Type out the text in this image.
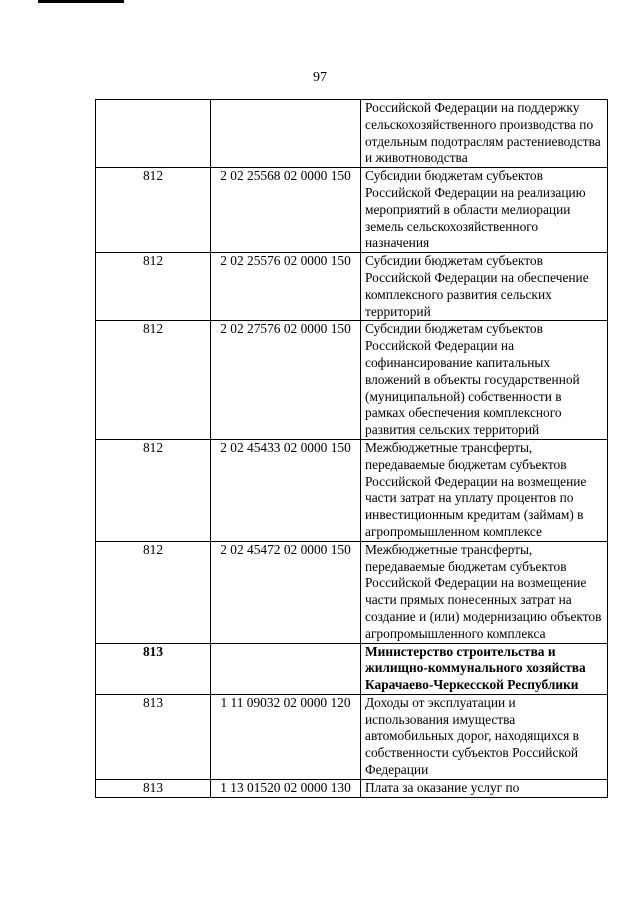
97
		Российской Федерации на поддержку сельскохозяйственного производства по отдельным подотраслям растениеводства и животноводства
812	2 02 25568 02 0000 150	Субсидии бюджетам субъектов Российской Федерации на реализацию мероприятий в области мелиорации земель сельскохозяйственного назначения
812	2 02 25576 02 0000 150	Субсидии бюджетам субъектов Российской Федерации на обеспечение комплексного развития сельских территорий
812	2 02 27576 02 0000 150	Субсидии бюджетам субъектов Российской Федерации на софинансирование капитальных вложений в объекты государственной (муниципальной) собственности в рамках обеспечения комплексного развития сельских территорий
812	2 02 45433 02 0000 150	Межбюджетные трансферты, передаваемые бюджетам субъектов Российской Федерации на возмещение части затрат на уплату процентов по инвестиционным кредитам (займам) в агропромышленном комплексе
812	2 02 45472 02 0000 150	Межбюджетные трансферты, передаваемые бюджетам субъектов Российской Федерации на возмещение части прямых понесенных затрат на создание и (или) модернизацию объектов агропромышленного комплекса
813		Министерство строительства и жилищно-коммунального хозяйства Карачаево-Черкесской Республики
813	1 11 09032 02 0000 120	Доходы от эксплуатации и использования имущества автомобильных дорог, находящихся в собственности субъектов Российской Федерации
813	1 13 01520 02 0000 130	Плата за оказание услуг по
